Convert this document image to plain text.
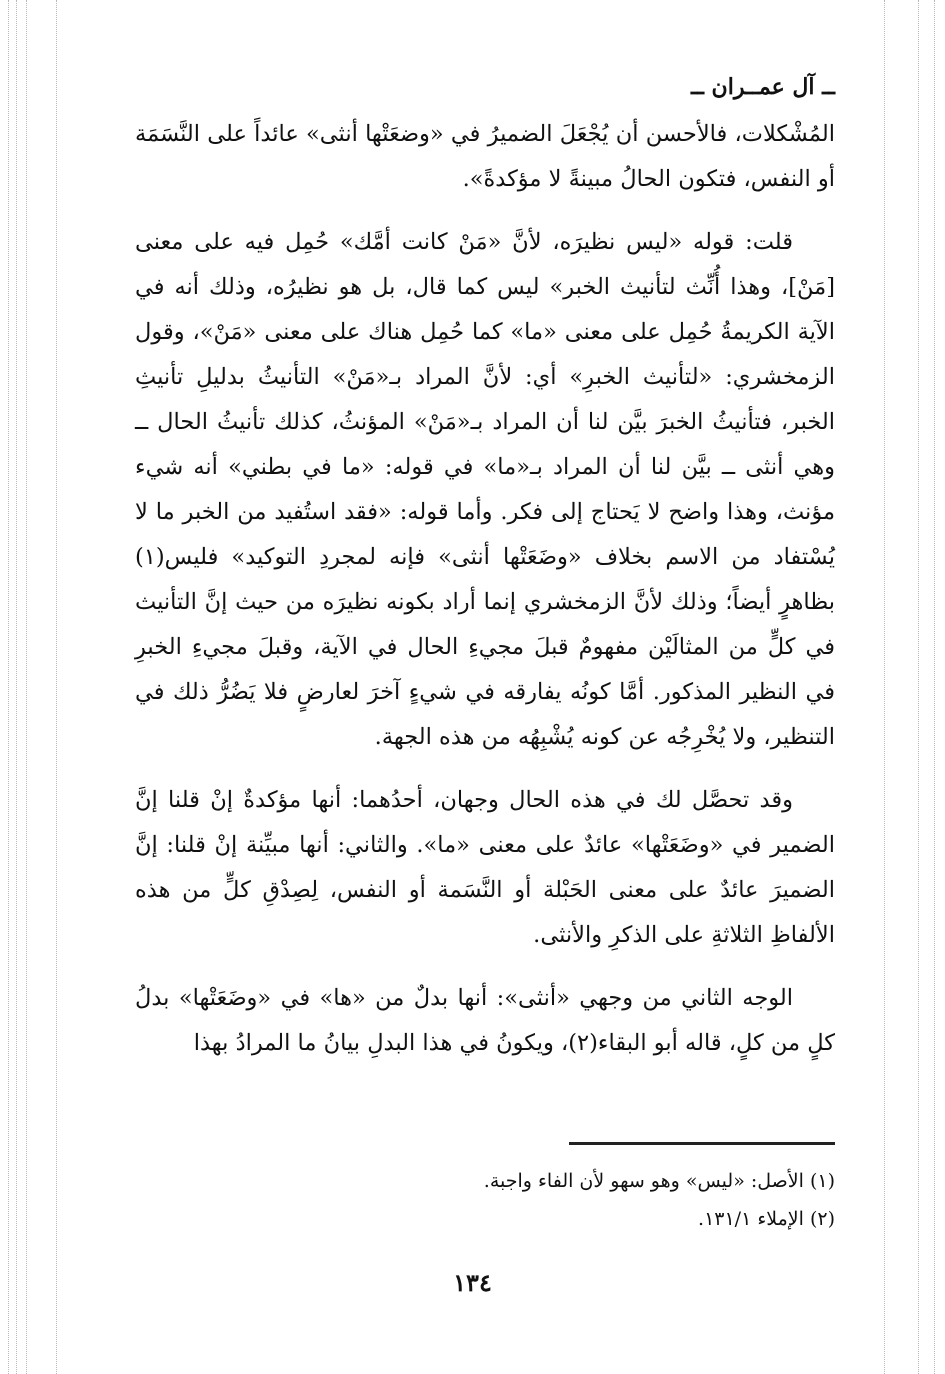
ــ آل عمــران ــ

المُشْكلات، فالأحسن أن يُجْعَلَ الضميرُ في «وضعَتْها أنثى» عائداً على النَّسَمَة أو النفس، فتكون الحالُ مبينةً لا مؤكدةً».

قلت: قوله «ليس نظيرَه، لأنَّ «مَنْ كانت أمَّك» حُمِل فيه على معنى [مَنْ]، وهذا أُنِّث لتأنيث الخبر» ليس كما قال، بل هو نظيرُه، وذلك أنه في الآية الكريمةُ حُمِل على معنى «ما» كما حُمِل هناك على معنى «مَنْ»، وقول الزمخشري: «لتأنيث الخبرِ» أي: لأنَّ المراد بـ«مَنْ» التأنيثُ بدليلِ تأنيثِ الخبر، فتأنيثُ الخبرَ بيَّن لنا أن المراد بـ«مَنْ» المؤنثُ، كذلك تأنيثُ الحال ــ وهي أنثى ــ بيَّن لنا أن المراد بـ«ما» في قوله: «ما في بطني» أنه شيء مؤنث، وهذا واضح لا يَحتاج إلى فكر. وأما قوله: «فقد استُفيد من الخبر ما لا يُسْتفاد من الاسم بخلاف «وضَعَتْها أنثى» فإنه لمجردِ التوكيد» فليس(١) بظاهرٍ أيضاً؛ وذلك لأنَّ الزمخشري إنما أراد بكونه نظيرَه من حيث إنَّ التأنيث في كلٍّ من المثالَيْن مفهومٌ قبلَ مجيءِ الحال في الآية، وقبلَ مجيءِ الخبرِ في النظير المذكور. أمَّا كونُه يفارقه في شيءٍ آخرَ لعارضٍ فلا يَضُرُّ ذلك في التنظير، ولا يُخْرِجُه عن كونه يُشْبِهُه من هذه الجهة.

وقد تحصَّل لك في هذه الحال وجهان، أحدُهما: أنها مؤكدةٌ إنْ قلنا إنَّ الضمير في «وضَعَتْها» عائدٌ على معنى «ما». والثاني: أنها مبيِّنة إنْ قلنا: إنَّ الضميرَ عائدٌ على معنى الحَبْلة أو النَّسَمة أو النفس، لِصِدْقِ كلٍّ من هذه الألفاظِ الثلاثةِ على الذكرِ والأنثى.

الوجه الثاني من وجهي «أنثى»: أنها بدلٌ من «ها» في «وضَعَتْها» بدلُ كلٍ من كلٍ، قاله أبو البقاء(٢)، ويكونُ في هذا البدلِ بيانُ ما المرادُ بهذا

(١) الأصل: «ليس» وهو سهو لأن الفاء واجبة.
(٢) الإملاء ١٣١/١.
١٣٤
